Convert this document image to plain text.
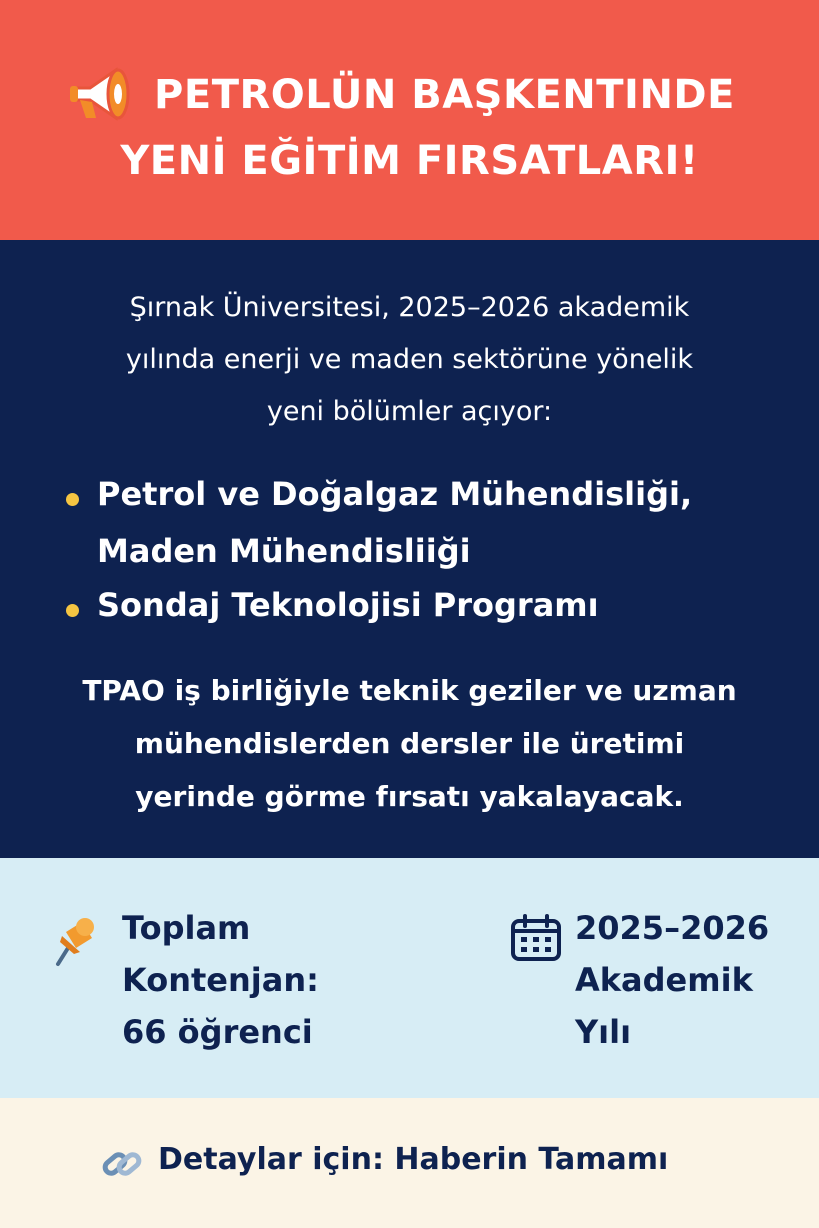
PETROLÜN BAŞKENTINDE
YENİ EĞİTİM FIRSATLARI!
Şırnak Üniversitesi, 2025–2026 akademik
yılında enerji ve maden sektörüne yönelik
yeni bölümler açıyor:
Petrol ve Doğalgaz Mühendisliği,
Maden Mühendisliiği
Sondaj Teknolojisi Programı
TPAO iş birliğiyle teknik geziler ve uzman
mühendislerden dersler ile üretimi
yerinde görme fırsatı yakalayacak.
Toplam
Kontenjan:
66 öğrenci
2025–2026
Akademik
Yılı
Detaylar için: Haberin Tamamı
